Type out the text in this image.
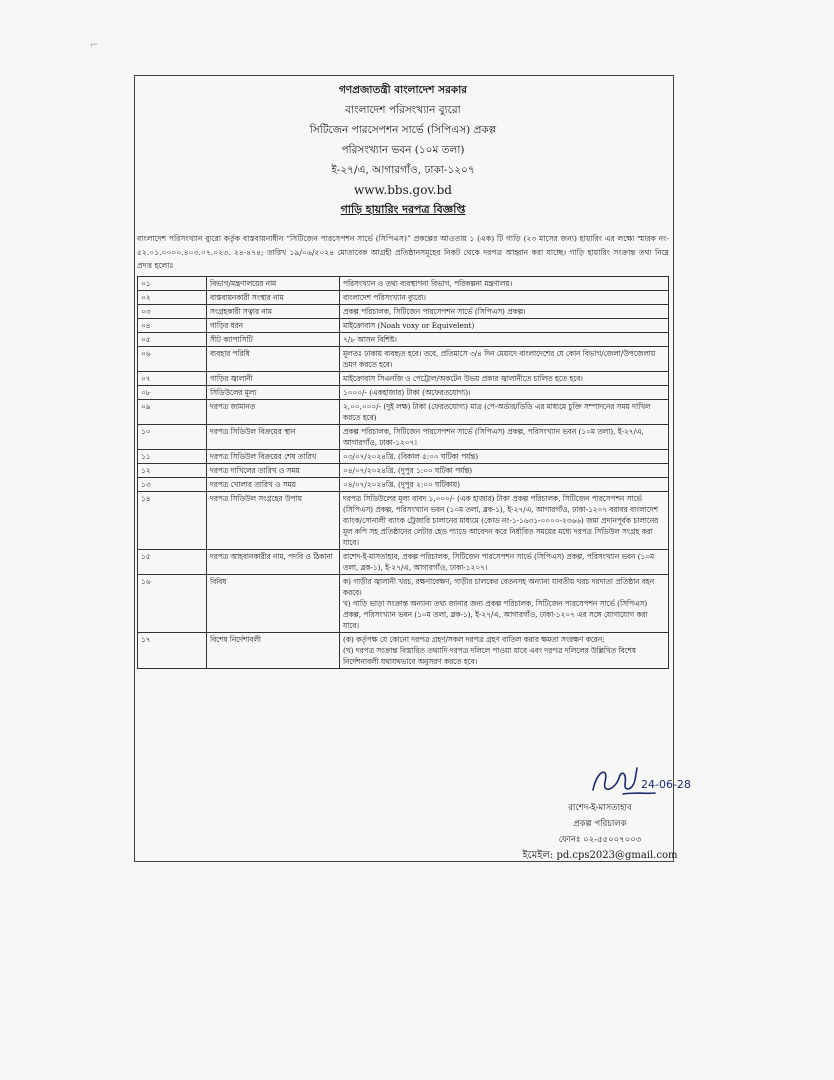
⌐
গণপ্রজাতন্ত্রী বাংলাদেশ সরকার
বাংলাদেশ পরিসংখ্যান ব্যুরো
সিটিজেন পারসেপশন সার্ভে (সিপিএস) প্রকল্প
পরিসংখ্যান ভবন (১০ম তলা)
ই-২৭/এ, আগারগাঁও, ঢাকা-১২০৭
www.bbs.gov.bd
গাড়ি হায়ারিং দরপত্র বিজ্ঞপ্তি
বাংলাদেশ পরিসংখ্যান ব্যুরো কর্তৃক বাস্তবায়নাধীন “সিটিজেন পারসেপশন সার্ভে (সিপিএস)” প্রকল্পের আওতায় ১ (এক) টি গাড়ি (২৩ মাসের জন্য) হায়ারিং এর লক্ষ্যে স্মারক নং- ৫২.০১.০০০০.৪০৩.০৭.০২৩. ২৪-৪৭৪; তারিখ ১৯/০৬/২০২৪ মোতাবেক আগ্রহী প্রতিষ্ঠানসমূহের নিকট থেকে দরপত্র আহ্বান করা যাচ্ছে। গাড়ি হায়ারিং সংক্রান্ত তথ্য নিম্নে প্রদত্ত হলোঃ
০১	বিভাগ/মন্ত্রণালয়ের নাম	পরিসংখ্যান ও তথ্য ব্যবস্থাপনা বিভাগ, পরিকল্পনা মন্ত্রণালয়।

০২	বাস্তবায়নকারী সংস্থার নাম	বাংলাদেশ পরিসংখ্যান ব্যুরো।

০৩	সংগ্রহকারী সত্বার নাম	প্রকল্প পরিচালক, সিটিজেন পারসেপশন সার্ভে (সিপিএস) প্রকল্প।

০৪	গাড়ির ধরন	মাইক্রোবাস (Noah voxy or Equivelent)

০৫	সীট ক্যাপাসিটি	৭/৮ আসন বিশিষ্ট।

০৬	ব্যবহার পরিধি	মূলতঃ ঢাকায় ব্যবহৃত হবে। তবে, প্রতিমাসে ৩/৪ দিন মেয়াদে বাংলাদেশের যে কোন বিভাগ/জেলা/উপজেলায় ভ্রমণ করতে হবে।

০৭	গাড়ির জ্বালানী	মাইক্রোবাস সিএনজি ও পেট্রোল/অকটেন উভয় প্রকার জ্বালানীতে চালিত হতে হবে।

০৮	সিডিউলের মূল্য	১০০০/- (একহাজার) টাকা (অফেরতযোগ্য)।

০৯	দরপত্র জামানত	২,০০,০০০/- (দুই লক্ষ) টাকা (ফেরতযোগ্য) মাত্র (পে-অর্ডার/ডিডি এর মাধ্যমে চুক্তি সম্পাদনের সময় দাখিল করতে হবে)

১০	দরপত্র সিডিউল বিক্রয়ের স্থান	প্রকল্প পরিচালক, সিটিজেন পারসেপশন সার্ভে (সিপিএস) প্রকল্প, পরিসংখ্যান ভবন (১০ম তলা), ই-২৭/এ, আগারগাঁও, ঢাকা-১২০৭।

১১	দরপত্র সিডিউল বিক্রয়ের শেষ তারিখ	০৩/০৭/২০২৪খ্রি. (বিকাল ৫:০০ ঘটিকা পর্যন্ত)

১২	দরপত্র দাখিলের তারিখ ও সময়	০৪/০৭/২০২৪খ্রি. (দুপুর ১:০০ ঘটিকা পর্যন্ত)

১৩	দরপত্র খোলার তারিখ ও সময়	০৪/০৭/২০২৪খ্রি. (দুপুর ২:০০ ঘটিকায়)

১৪	দরপত্র সিডিউল সংগ্রহের উপায়	দরপত্র সিডিউলের মূল্য বাবদ ১,০০০/- (এক হাজার) টাকা প্রকল্প পরিচালক, সিটিজেন পারসেপশন সার্ভে (সিপিএস) প্রকল্প, পরিসংখ্যান ভবন (১০ম তলা, ব্লক-১), ই-২৭/এ, আগারগাঁও, ঢাকা-১২০৭ বরাবর বাংলাদেশ ব্যাংক/সোনালী ব্যাংক ট্রেজারি চালানের মাধ্যমে (কোড নং-১-১৬৩১-০০০০-২৩৬৬) জমা প্রদানপূর্বক চালানের মূল কপি সহ প্রতিষ্ঠানের লেটার হেড প্যাডে আবেদন করে নির্ধারিত সময়ের মধ্যে দরপত্র সিডিউল সংগ্রহ করা যাবে।

১৫	দরপত্র আহবানকারীর নাম, পদবি ও ঠিকানা	রাশেদ-ই-মাসতাহাব, প্রকল্প পরিচালক, সিটিজেন পারসেপশন সার্ভে (সিপিএস) প্রকল্প, পরিসংখ্যান ভবন (১০ম তলা, ব্লক-১), ই-২৭/এ, আগারগাঁও, ঢাকা-১২০৭।

১৬	বিবিধ	ক) গাড়ীর জ্বালানী খরচ, রক্ষণাবেক্ষণ, গাড়ীর চালকের বেতনসহ অন্যান্য যাবতীয় খরচ দরদাতা প্রতিষ্ঠান বহন করবে।
খ) গাড়ি ভাড়া সংক্রান্ত অন্যান্য তথ্য জানার জন্য প্রকল্প পরিচালক, সিটিজেন পারসেপশন সার্ভে (সিপিএস) প্রকল্প, পরিসংখ্যান ভবন (১০ম তলা, ব্লক-১), ই-২৭/এ, আগারগাঁও, ঢাকা-১২০৭ এর সঙ্গে যোগাযোগ করা যাবে।

১৭	বিশেষ নির্দেশাবলী	(ক) কর্তৃপক্ষ যে কোনো দরপত্র গ্রহণ/সকল দরপত্র গ্রহণ বাতিল করার ক্ষমতা সংরক্ষণ করেন;
(খ) দরপত্র সংক্রান্ত বিস্তারিত তথ্যাদি দরপত্র দলিলে পাওয়া যাবে এবং দরপত্র দলিলের উল্লিখিত বিশেষ নির্দেশনাবলী যথাযথভাবে অনুসরণ করতে হবে।
24-06-28
রাশেদ-ই-মাসতাহাব
প্রকল্প পরিচালক
ফোনঃ ০২-৫৫০০৭০০৩
ইমেইল: pd.cps2023@gmail.com
